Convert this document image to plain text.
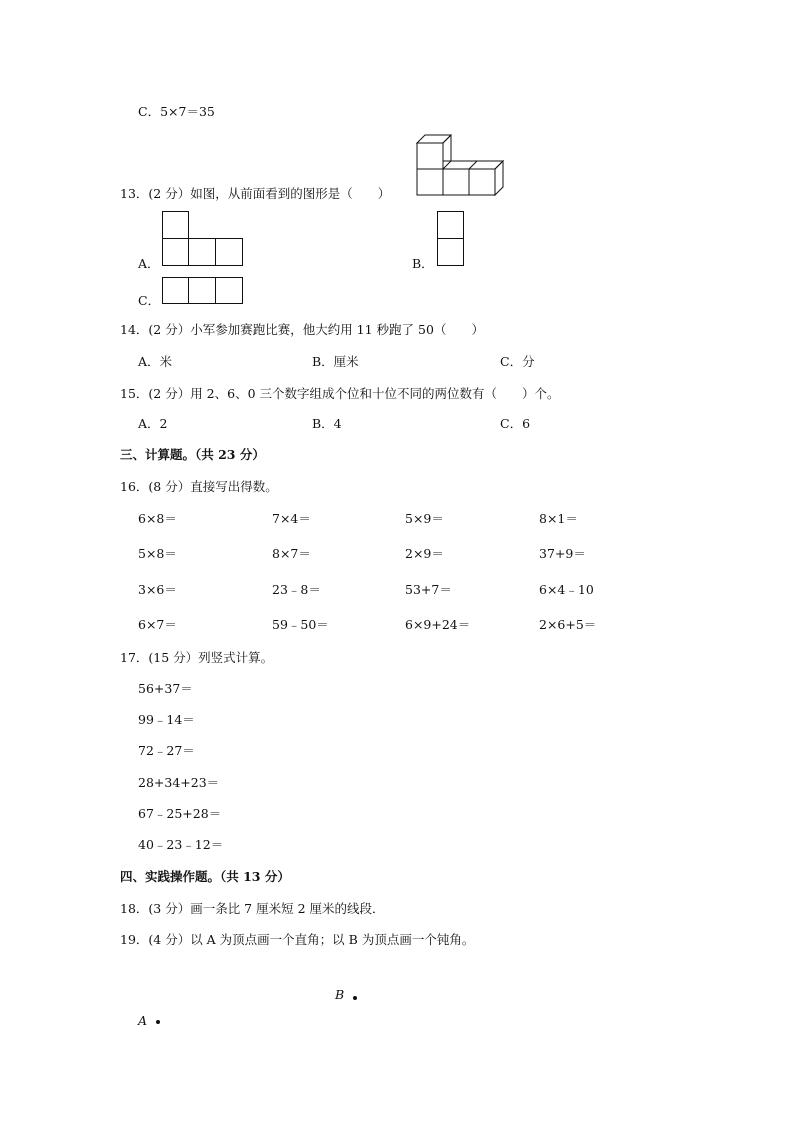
C．5×7＝35
13．(2 分）如图，从前面看到的图形是（　　）
A．	B．
C．
14．(2 分）小军参加赛跑比赛，他大约用 11 秒跑了 50（　　）
A．米	B．厘米	C．分
15．(2 分）用 2、6、0 三个数字组成个位和十位不同的两位数有（　　）个。
A．2	B．4	C．6
三、计算题。（共 23 分）
16．(8 分）直接写出得数。
6×8＝	7×4＝	5×9＝	8×1＝
5×8＝	8×7＝	2×9＝	37+9＝
3×6＝	23﹣8＝	53+7＝	6×4﹣10
6×7＝	59﹣50＝	6×9+24＝	2×6+5＝
17．(15 分）列竖式计算。
56+37＝
99﹣14＝
72﹣27＝
28+34+23＝
67﹣25+28＝
40﹣23﹣12＝
四、实践操作题。（共 13 分）
18．(3 分）画一条比 7 厘米短 2 厘米的线段．
19．(4 分）以 A 为顶点画一个直角；以 B 为顶点画一个钝角。
B
A
